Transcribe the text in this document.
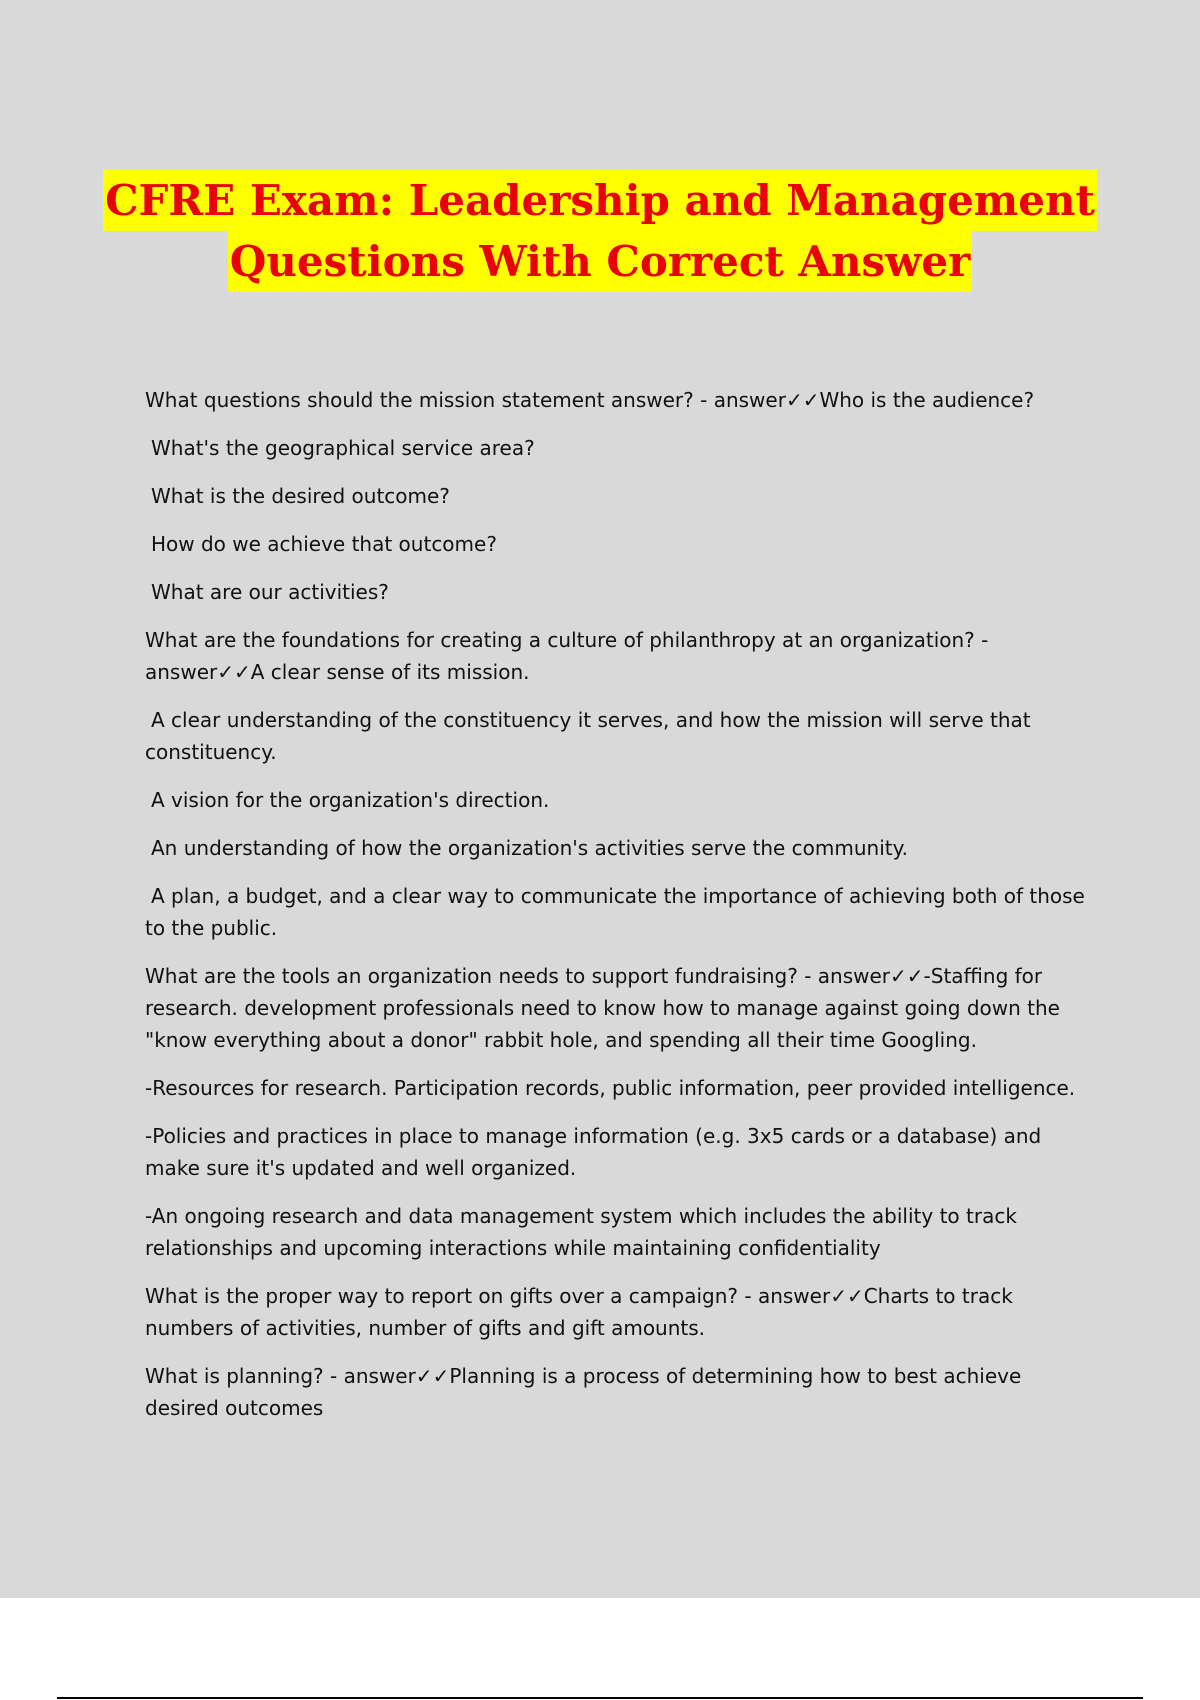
CFRE Exam: Leadership and Management
Questions With Correct Answer

What questions should the mission statement answer? - answer✓✓Who is the audience?

What's the geographical service area?

What is the desired outcome?

How do we achieve that outcome?

What are our activities?

What are the foundations for creating a culture of philanthropy at an organization? - answer✓✓A clear sense of its mission.

A clear understanding of the constituency it serves, and how the mission will serve that constituency.

A vision for the organization's direction.

An understanding of how the organization's activities serve the community.

A plan, a budget, and a clear way to communicate the importance of achieving both of those to the public.

What are the tools an organization needs to support fundraising? - answer✓✓-Staffing for research. development professionals need to know how to manage against going down the "know everything about a donor" rabbit hole, and spending all their time Googling.

-Resources for research. Participation records, public information, peer provided intelligence.

-Policies and practices in place to manage information (e.g. 3x5 cards or a database) and make sure it's updated and well organized.

-An ongoing research and data management system which includes the ability to track relationships and upcoming interactions while maintaining confidentiality

What is the proper way to report on gifts over a campaign? - answer✓✓Charts to track numbers of activities, number of gifts and gift amounts.

What is planning? - answer✓✓Planning is a process of determining how to best achieve desired outcomes
